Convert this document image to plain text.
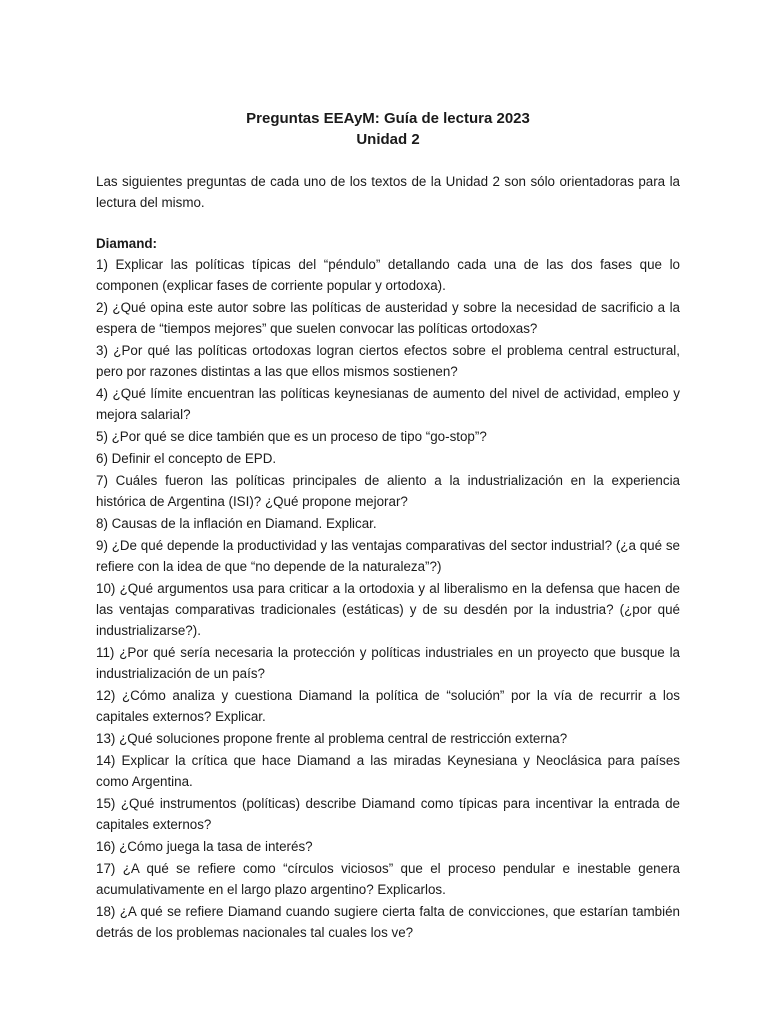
Preguntas EEAyM: Guía de lectura 2023
Unidad 2

Las siguientes preguntas de cada uno de los textos de la Unidad 2 son sólo orientadoras para la lectura del mismo.

Diamand:
1) Explicar las políticas típicas del “péndulo” detallando cada una de las dos fases que lo componen (explicar fases de corriente popular y ortodoxa).
2) ¿Qué opina este autor sobre las políticas de austeridad y sobre la necesidad de sacrificio a la espera de “tiempos mejores” que suelen convocar las políticas ortodoxas?
3) ¿Por qué las políticas ortodoxas logran ciertos efectos sobre el problema central estructural, pero por razones distintas a las que ellos mismos sostienen?
4) ¿Qué límite encuentran las políticas keynesianas de aumento del nivel de actividad, empleo y mejora salarial?
5) ¿Por qué se dice también que es un proceso de tipo “go-stop”?
6) Definir el concepto de EPD.
7) Cuáles fueron las políticas principales de aliento a la industrialización en la experiencia histórica de Argentina (ISI)? ¿Qué propone mejorar?
8) Causas de la inflación en Diamand. Explicar.
9) ¿De qué depende la productividad y las ventajas comparativas del sector industrial? (¿a qué se refiere con la idea de que “no depende de la naturaleza”?)
10) ¿Qué argumentos usa para criticar a la ortodoxia y al liberalismo en la defensa que hacen de las ventajas comparativas tradicionales (estáticas) y de su desdén por la industria? (¿por qué industrializarse?).
11) ¿Por qué sería necesaria la protección y políticas industriales en un proyecto que busque la industrialización de un país?
12) ¿Cómo analiza y cuestiona Diamand la política de “solución” por la vía de recurrir a los capitales externos? Explicar.
13) ¿Qué soluciones propone frente al problema central de restricción externa?
14) Explicar la crítica que hace Diamand a las miradas Keynesiana y Neoclásica para países como Argentina.
15) ¿Qué instrumentos (políticas) describe Diamand como típicas para incentivar la entrada de capitales externos?
16) ¿Cómo juega la tasa de interés?
17) ¿A qué se refiere como “círculos viciosos” que el proceso pendular e inestable genera acumulativamente en el largo plazo argentino? Explicarlos.
18) ¿A qué se refiere Diamand cuando sugiere cierta falta de convicciones, que estarían también detrás de los problemas nacionales tal cuales los ve?
